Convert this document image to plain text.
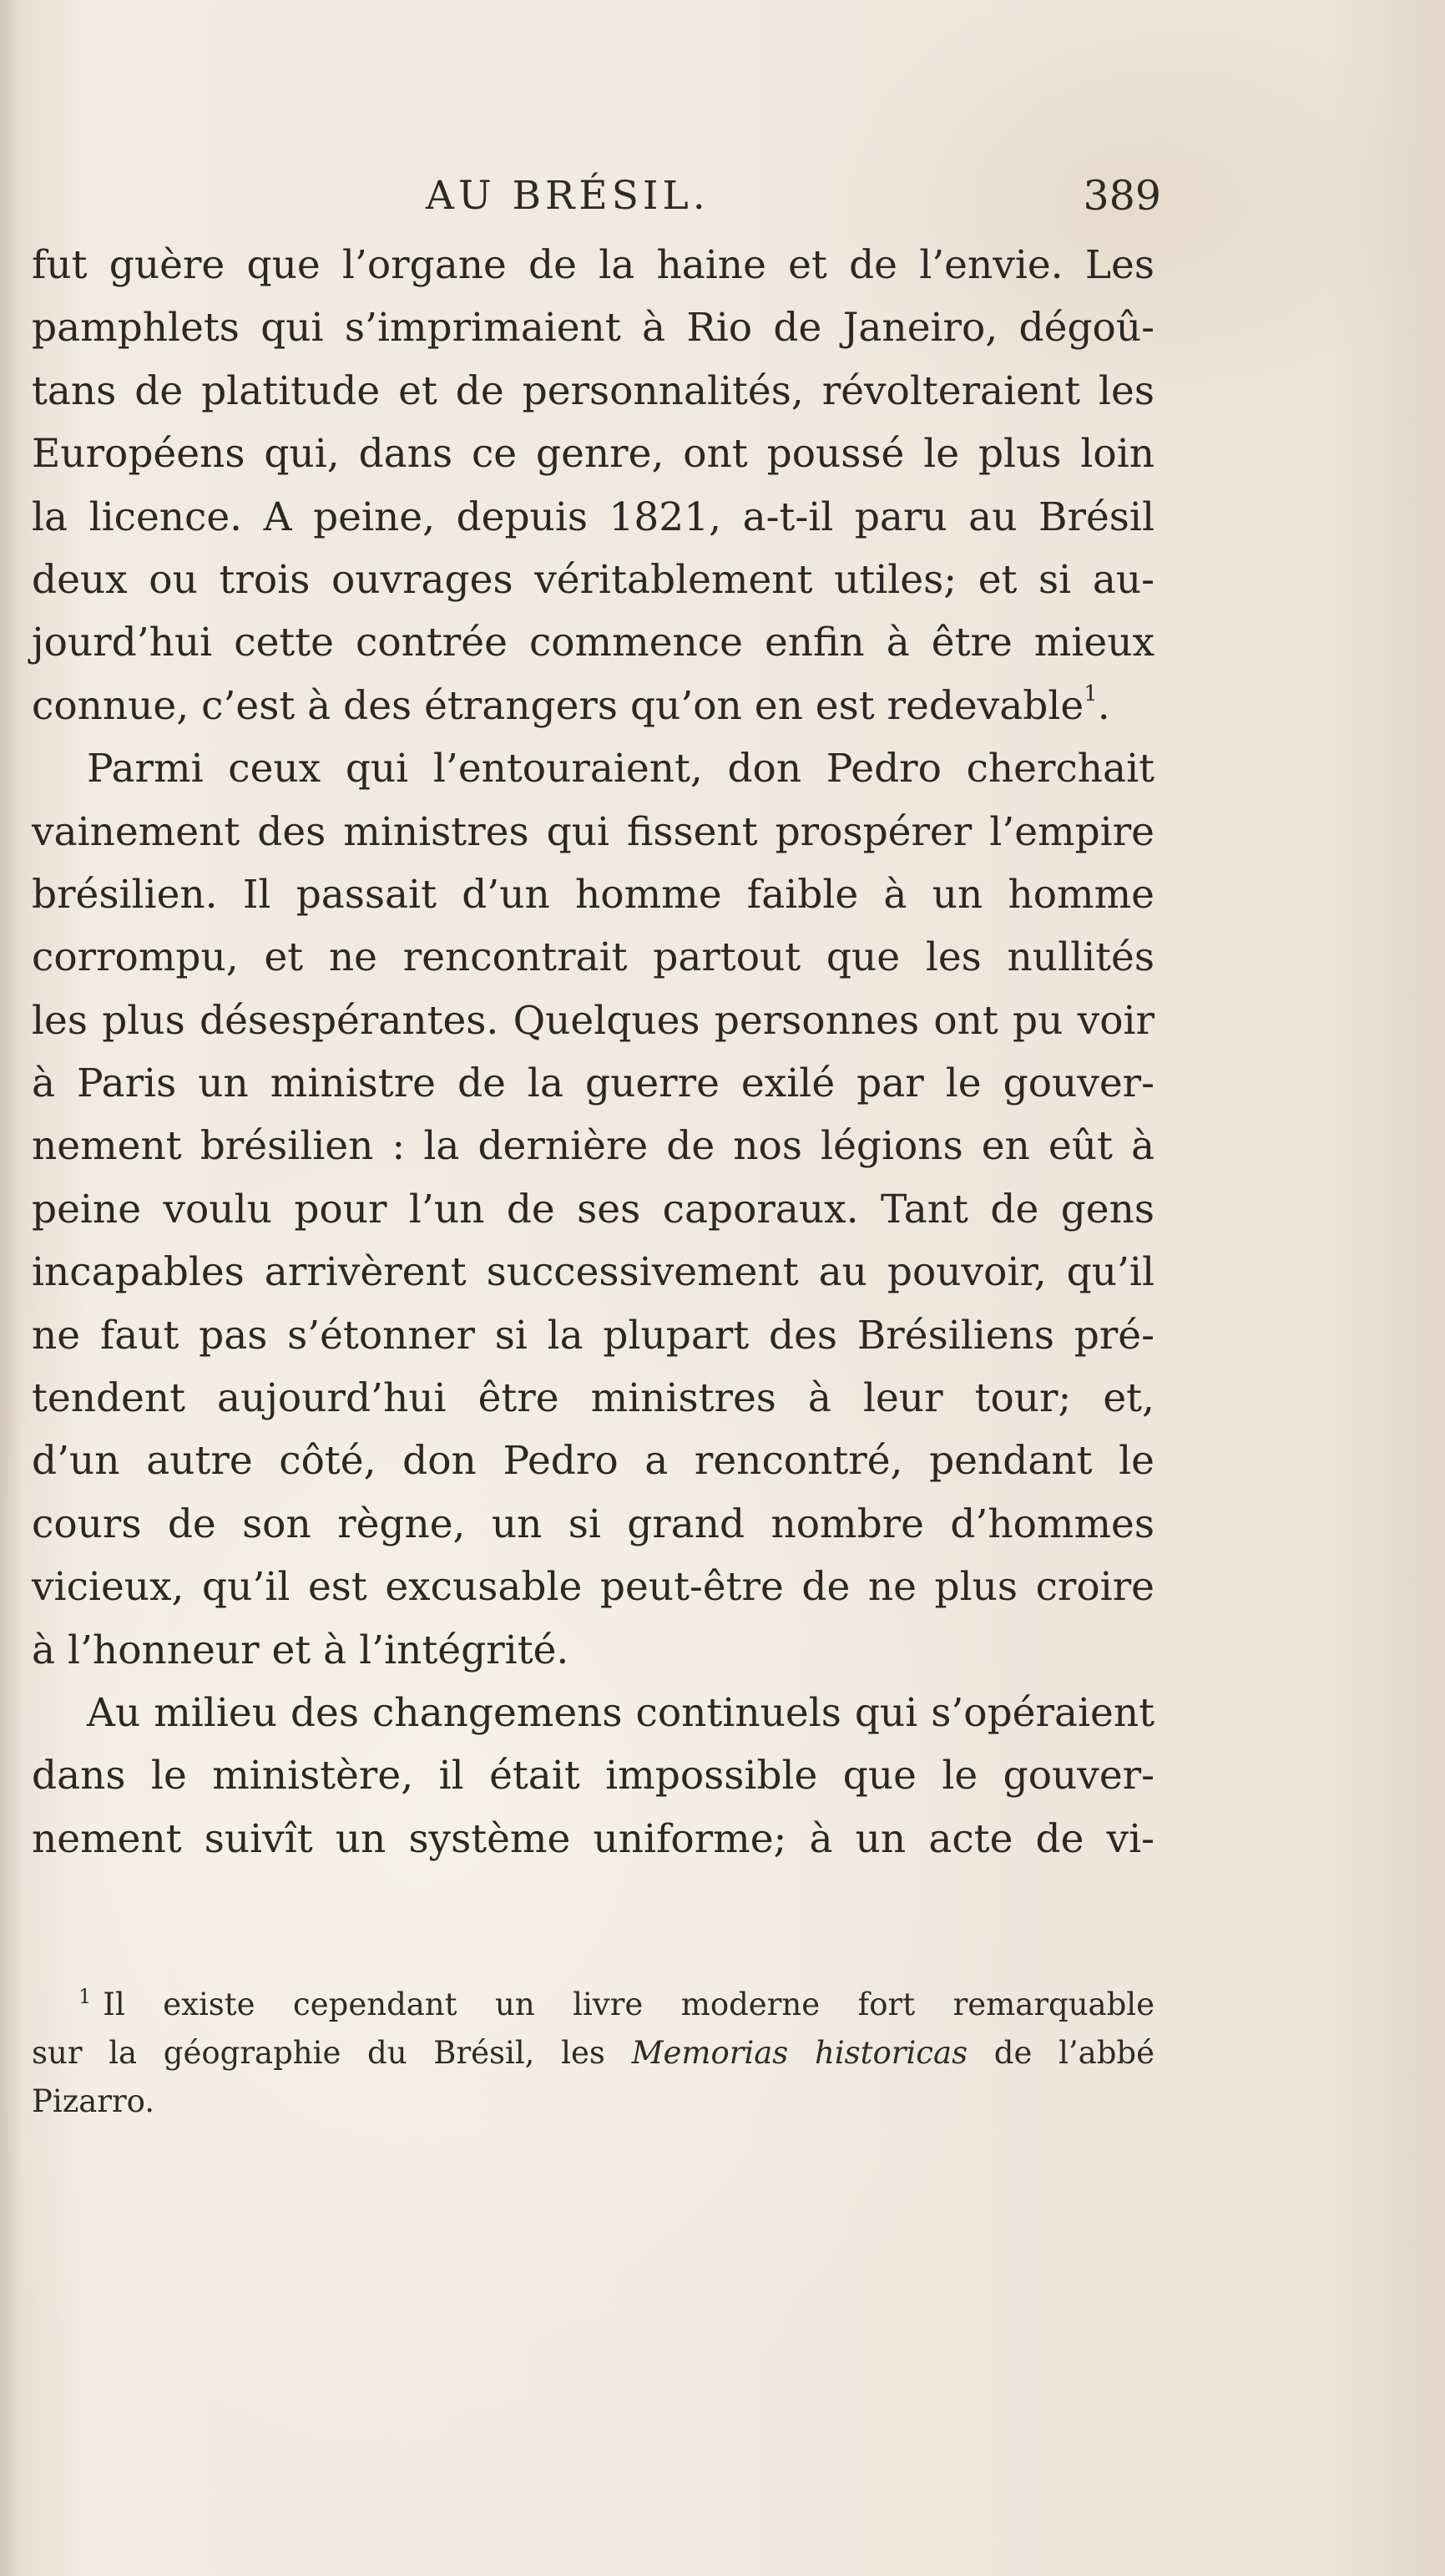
AU BRÉSIL.	389
fut guère que l’organe de la haine et de l’envie. Les
pamphlets qui s’imprimaient à Rio de Janeiro, dégoû-
tans de platitude et de personnalités, révolteraient les
Européens qui, dans ce genre, ont poussé le plus loin
la licence. A peine, depuis 1821, a-t-il paru au Brésil
deux ou trois ouvrages véritablement utiles; et si au-
jourd’hui cette contrée commence enfin à être mieux
connue, c’est à des étrangers qu’on en est redevable$^1$.
Parmi ceux qui l’entouraient, don Pedro cherchait
vainement des ministres qui fissent prospérer l’empire
brésilien. Il passait d’un homme faible à un homme
corrompu, et ne rencontrait partout que les nullités
les plus désespérantes. Quelques personnes ont pu voir
à Paris un ministre de la guerre exilé par le gouver-
nement brésilien : la dernière de nos légions en eût à
peine voulu pour l’un de ses caporaux. Tant de gens
incapables arrivèrent successivement au pouvoir, qu’il
ne faut pas s’étonner si la plupart des Brésiliens pré-
tendent aujourd’hui être ministres à leur tour; et,
d’un autre côté, don Pedro a rencontré, pendant le
cours de son règne, un si grand nombre d’hommes
vicieux, qu’il est excusable peut-être de ne plus croire
à l’honneur et à l’intégrité.
Au milieu des changemens continuels qui s’opéraient
dans le ministère, il était impossible que le gouver-
nement suivît un système uniforme; à un acte de vi-
$^1$ Il existe cependant un livre moderne fort remarquable
sur la géographie du Brésil, les Memorias historicas de l’abbé
Pizarro.
